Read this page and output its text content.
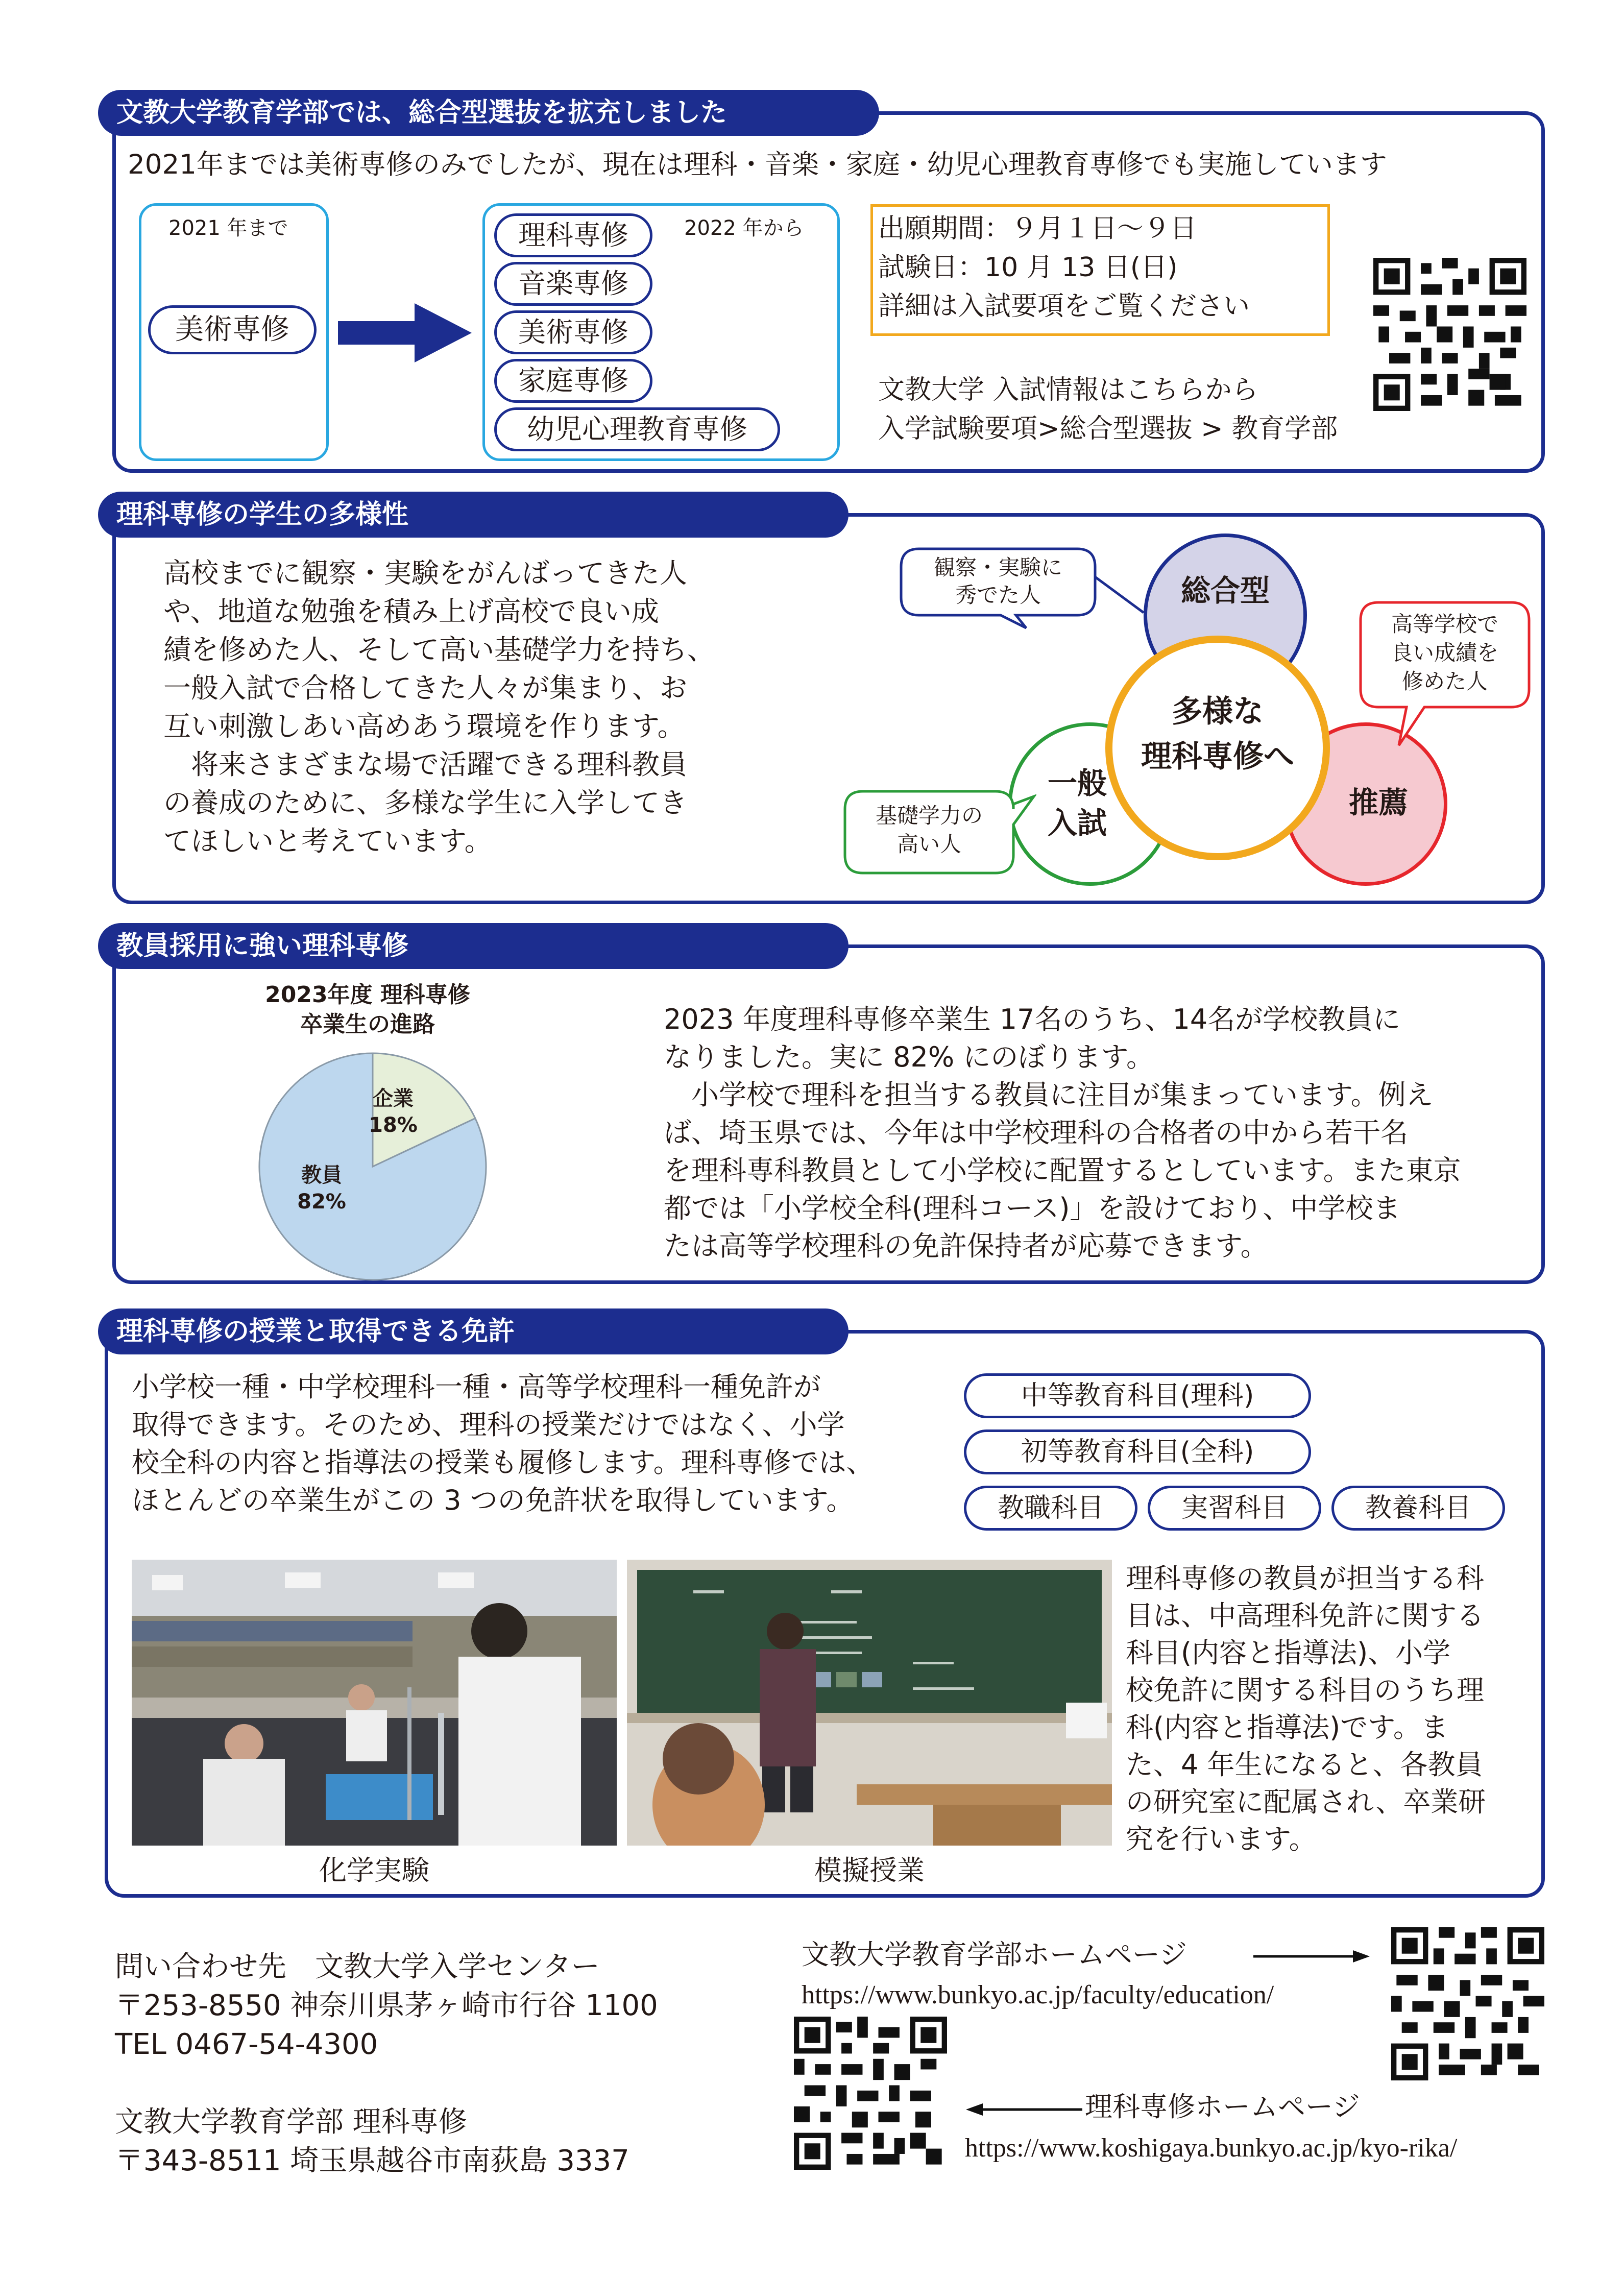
文教大学教育学部では、総合型選抜を拡充しました
2021年までは美術専修のみでしたが、現在は理科・音楽・家庭・幼児心理教育専修でも実施しています
2021 年まで
美術専修
2022 年から
理科専修
音楽専修
美術専修
家庭専修
幼児心理教育専修
出願期間：９月１日〜９日
試験日：10 月 13 日(日)
詳細は入試要項をご覧ください
文教大学 入試情報はこちらから
入学試験要項>総合型選抜 > 教育学部
理科専修の学生の多様性
高校までに観察・実験をがんばってきた人
や、地道な勉強を積み上げ高校で良い成
績を修めた人、そして高い基礎学力を持ち、
一般入試で合格してきた人々が集まり、お
互い刺激しあい高めあう環境を作ります。
　将来さまざまな場で活躍できる理科教員
の養成のために、多様な学生に入学してき
てほしいと考えています。
総合型
推薦
一般
入試
多様な
理科専修へ
観察・実験に
秀でた人
高等学校で
良い成績を
修めた人
基礎学力の
高い人
教員採用に強い理科専修
2023年度 理科専修
卒業生の進路
企業
18%
教員
82%
2023 年度理科専修卒業生 17名のうち、14名が学校教員に
なりました。実に 82% にのぼります。
　小学校で理科を担当する教員に注目が集まっています。例え
ば、埼玉県では、今年は中学校理科の合格者の中から若干名
を理科専科教員として小学校に配置するとしています。また東京
都では「小学校全科(理科コース)」を設けており、中学校ま
たは高等学校理科の免許保持者が応募できます。
理科専修の授業と取得できる免許
小学校一種・中学校理科一種・高等学校理科一種免許が
取得できます。そのため、理科の授業だけではなく、小学
校全科の内容と指導法の授業も履修します。理科専修では、
ほとんどの卒業生がこの 3 つの免許状を取得しています。
中等教育科目(理科)
初等教育科目(全科)
教職科目	実習科目	教養科目
化学実験	模擬授業
理科専修の教員が担当する科
目は、中高理科免許に関する
科目(内容と指導法)、小学
校免許に関する科目のうち理
科(内容と指導法)です。ま
た、4 年生になると、各教員
の研究室に配属され、卒業研
究を行います。
問い合わせ先　文教大学入学センター
〒253-8550 神奈川県茅ヶ崎市行谷 1100
TEL 0467-54-4300
文教大学教育学部 理科専修
〒343-8511 埼玉県越谷市南荻島 3337
文教大学教育学部ホームページ
https://www.bunkyo.ac.jp/faculty/education/
理科専修ホームページ
https://www.koshigaya.bunkyo.ac.jp/kyo-rika/
